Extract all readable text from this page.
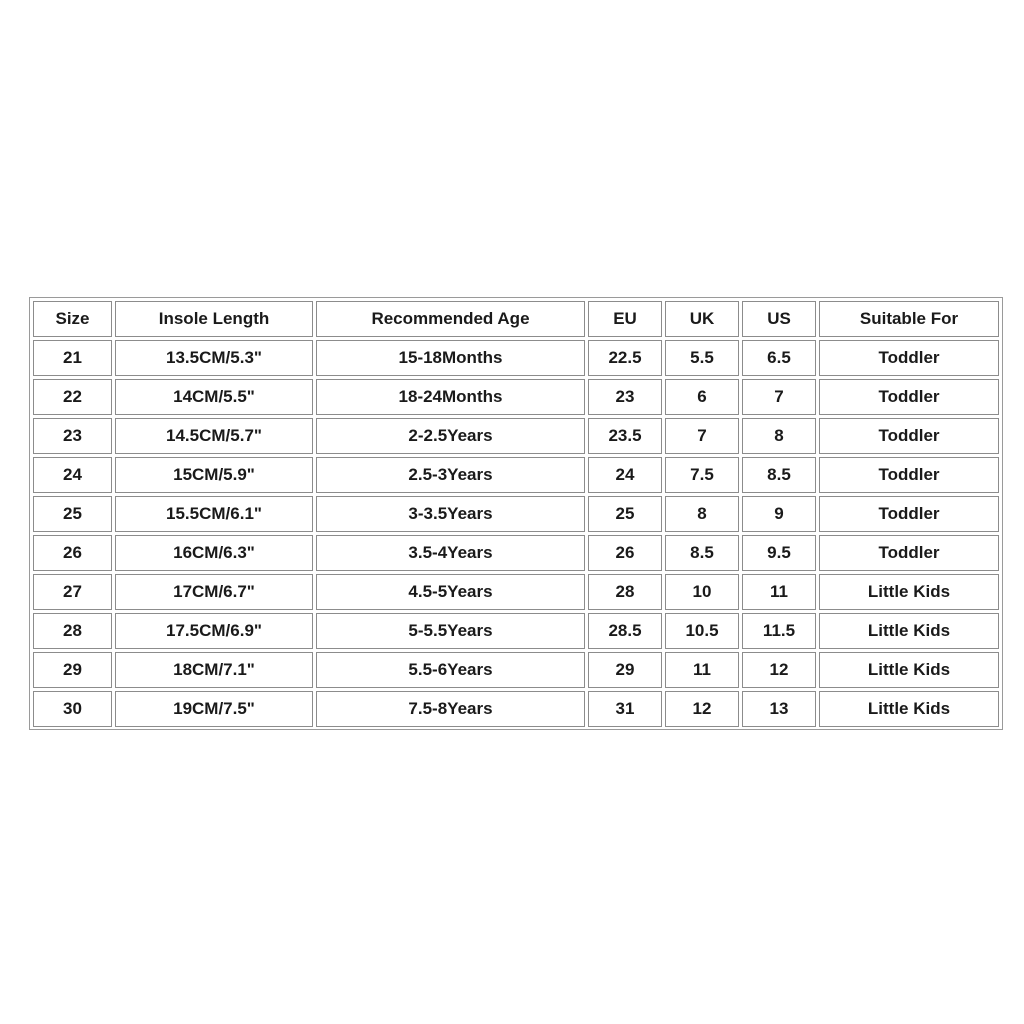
Size	Insole Length	Recommended Age	EU	UK	US	Suitable For
21	13.5CM/5.3"	15-18Months	22.5	5.5	6.5	Toddler
22	14CM/5.5"	18-24Months	23	6	7	Toddler
23	14.5CM/5.7"	2-2.5Years	23.5	7	8	Toddler
24	15CM/5.9"	2.5-3Years	24	7.5	8.5	Toddler
25	15.5CM/6.1"	3-3.5Years	25	8	9	Toddler
26	16CM/6.3"	3.5-4Years	26	8.5	9.5	Toddler
27	17CM/6.7"	4.5-5Years	28	10	11	Little Kids
28	17.5CM/6.9"	5-5.5Years	28.5	10.5	11.5	Little Kids
29	18CM/7.1"	5.5-6Years	29	11	12	Little Kids
30	19CM/7.5"	7.5-8Years	31	12	13	Little Kids
